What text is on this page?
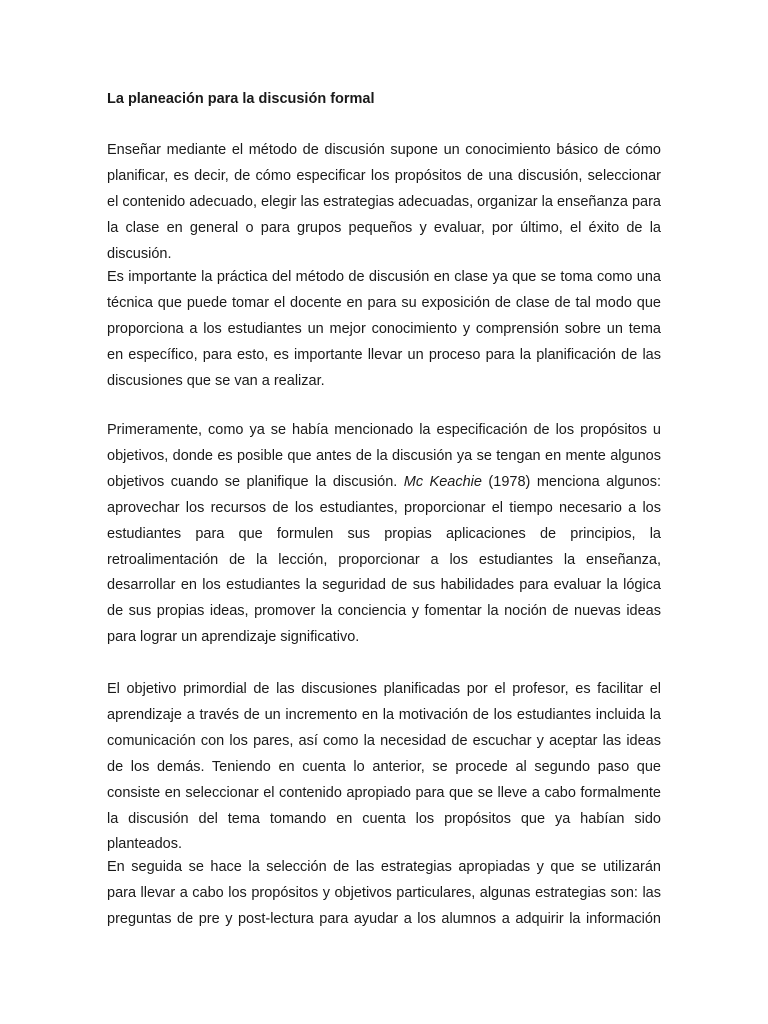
La planeación para la discusión formal

Enseñar mediante el método de discusión supone un conocimiento básico de cómo planificar, es decir, de cómo especificar los propósitos de una discusión, seleccionar el contenido adecuado, elegir las estrategias adecuadas, organizar la enseñanza para la clase en general o para grupos pequeños y evaluar, por último, el éxito de la discusión.

Es importante la práctica del método de discusión en clase ya que se toma como una técnica que puede tomar el docente en para su exposición de clase de tal modo que proporciona a los estudiantes un mejor conocimiento y comprensión sobre un tema en específico, para esto, es importante llevar un proceso para la planificación de las discusiones que se van a realizar.

Primeramente, como ya se había mencionado la especificación de los propósitos u objetivos, donde es posible que antes de la discusión ya se tengan en mente algunos objetivos cuando se planifique la discusión. Mc Keachie (1978) menciona algunos: aprovechar los recursos de los estudiantes, proporcionar el tiempo necesario a los estudiantes para que formulen sus propias aplicaciones de principios, la retroalimentación de la lección, proporcionar a los estudiantes la enseñanza, desarrollar en los estudiantes la seguridad de sus habilidades para evaluar la lógica de sus propias ideas, promover la conciencia y fomentar la noción de nuevas ideas para lograr un aprendizaje significativo.

El objetivo primordial de las discusiones planificadas por el profesor, es facilitar el aprendizaje a través de un incremento en la motivación de los estudiantes incluida la comunicación con los pares, así como la necesidad de escuchar y aceptar las ideas de los demás. Teniendo en cuenta lo anterior, se procede al segundo paso que consiste en seleccionar el contenido apropiado para que se lleve a cabo formalmente la discusión del tema tomando en cuenta los propósitos que ya habían sido planteados.

En seguida se hace la selección de las estrategias apropiadas y que se utilizarán para llevar a cabo los propósitos y objetivos particulares, algunas estrategias son: las preguntas de pre y post-lectura para ayudar a los alumnos a adquirir la información
